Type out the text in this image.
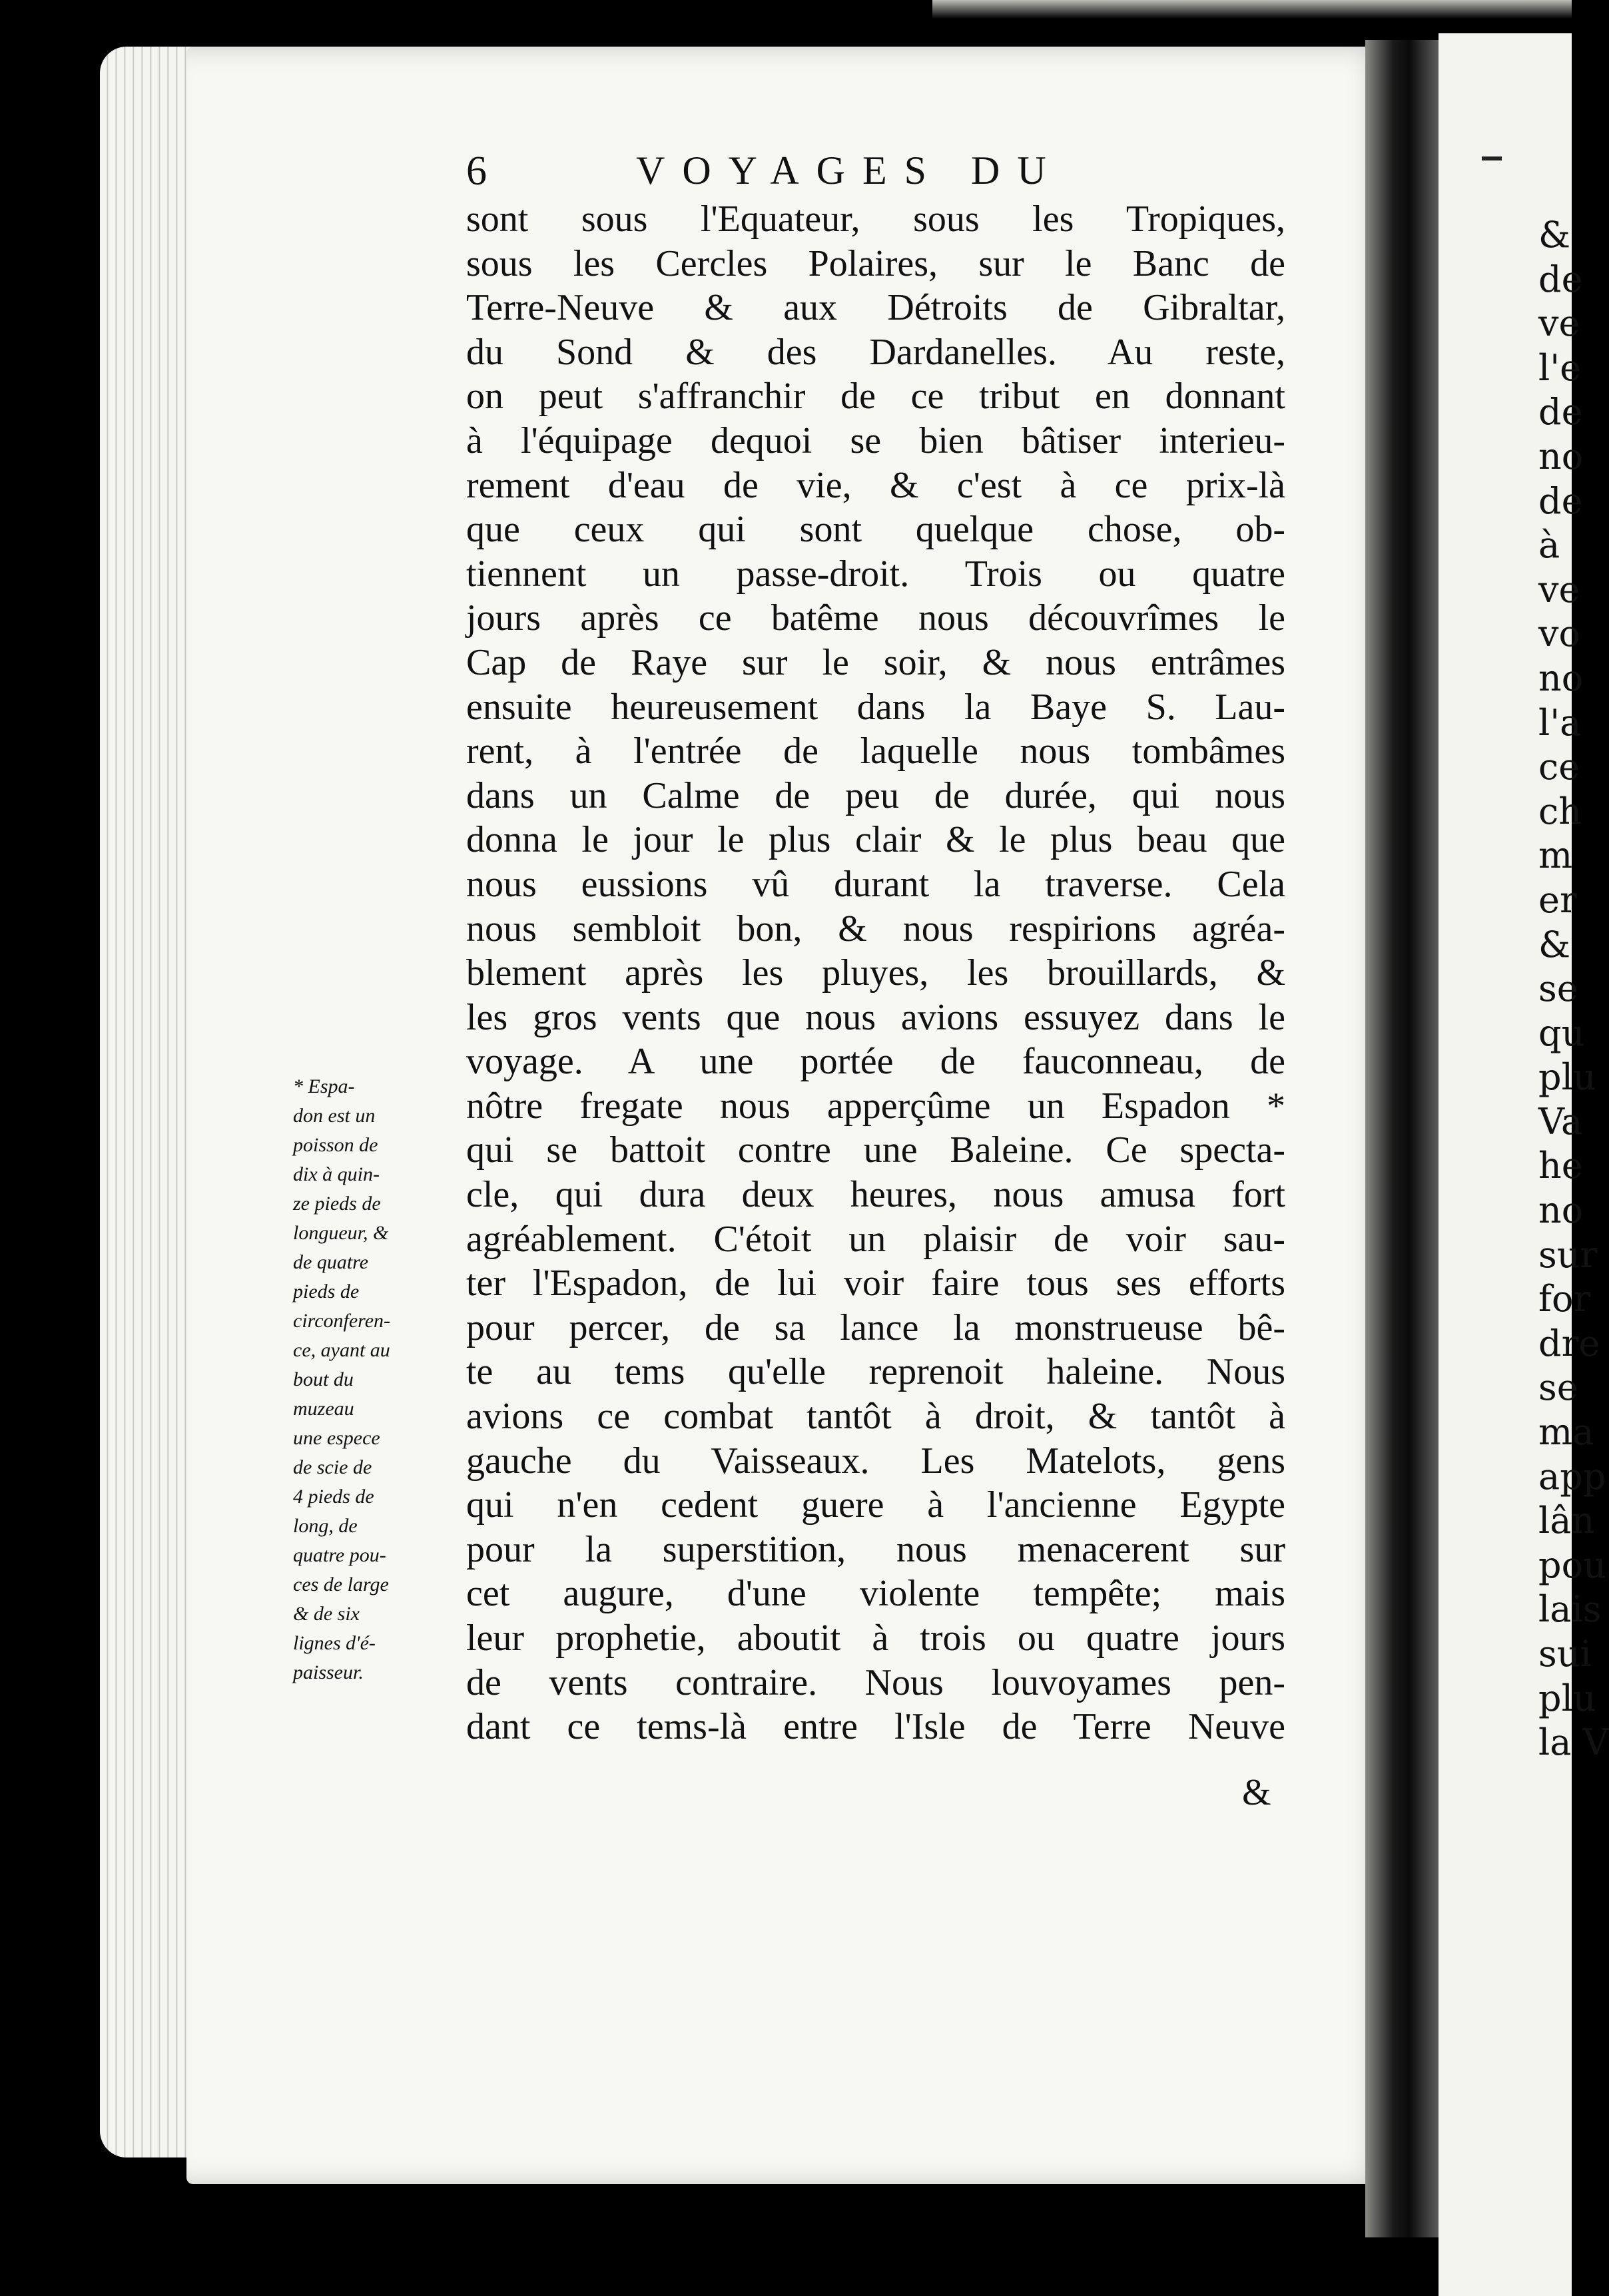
&
de
ve
l'e
de
no
de
à
ve
vo
no
l'a
ce
ch
m
er
&
se
qu
plu
Va
he
no
sur
for
dre
se
ma
app
lân
pou
lais
sui
plu
la V
6	VOYAGES DU
sont sous l'Equateur, sous les Tropiques,
sous les Cercles Polaires, sur le Banc de
Terre-Neuve & aux Détroits de Gibraltar,
du Sond & des Dardanelles. Au reste,
on peut s'affranchir de ce tribut en donnant
à l'équipage dequoi se bien bâtiser interieu-
rement d'eau de vie, & c'est à ce prix-là
que ceux qui sont quelque chose, ob-
tiennent un passe-droit. Trois ou quatre
jours après ce batême nous découvrîmes le
Cap de Raye sur le soir, & nous entrâmes
ensuite heureusement dans la Baye S. Lau-
rent, à l'entrée de laquelle nous tombâmes
dans un Calme de peu de durée, qui nous
donna le jour le plus clair & le plus beau que
nous eussions vû durant la traverse. Cela
nous sembloit bon, & nous respirions agréa-
blement après les pluyes, les brouillards, &
les gros vents que nous avions essuyez dans le
voyage. A une portée de fauconneau, de
nôtre fregate nous apperçûme un Espadon *
qui se battoit contre une Baleine. Ce specta-
cle, qui dura deux heures, nous amusa fort
agréablement. C'étoit un plaisir de voir sau-
ter l'Espadon, de lui voir faire tous ses efforts
pour percer, de sa lance la monstrueuse bê-
te au tems qu'elle reprenoit haleine. Nous
avions ce combat tantôt à droit, & tantôt à
gauche du Vaisseaux. Les Matelots, gens
qui n'en cedent guere à l'ancienne Egypte
pour la superstition, nous menacerent sur
cet augure, d'une violente tempête; mais
leur prophetie, aboutit à trois ou quatre jours
de vents contraire. Nous louvoyames pen-
dant ce tems-là entre l'Isle de Terre Neuve
&
* Espa-
don est un
poisson de
dix à quin-
ze pieds de
longueur, &
de quatre
pieds de
circonferen-
ce, ayant au
bout du
muzeau
une espece
de scie de
4 pieds de
long, de
quatre pou-
ces de large
& de six
lignes d'é-
paisseur.
